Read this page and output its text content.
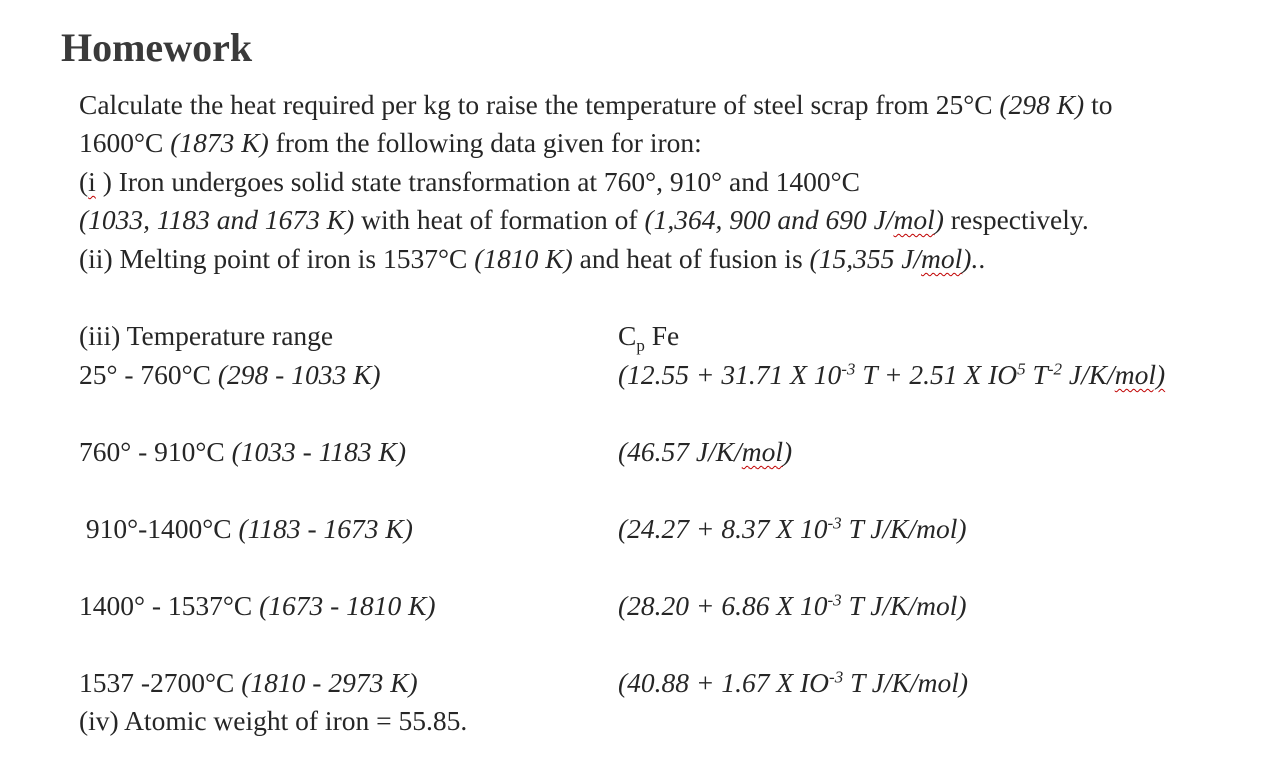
Homework
Calculate the heat required per kg to raise the temperature of steel scrap from 25°C (298 K) to
1600°C (1873 K) from the following data given for iron:
(i ) Iron undergoes solid state transformation at 760°, 910° and 1400°C
(1033, 1183 and 1673 K) with heat of formation of (1,364, 900 and 690 J/mol) respectively.
(ii) Melting point of iron is 1537°C (1810 K) and heat of fusion is (15,355 J/mol)..
(iii) Temperature range	$C_p$ Fe
25° - 760°C (298 - 1033 K)	(12.55 + 31.71 X $10^{-3}$ T + 2.51 X $IO^5$ $T^{-2}$ J/K/mol)
760° - 910°C (1033 - 1183 K)	(46.57 J/K/mol)
910°-1400°C (1183 - 1673 K)	(24.27 + 8.37 X $10^{-3}$ T J/K/mol)
1400° - 1537°C (1673 - 1810 K)	(28.20 + 6.86 X $10^{-3}$ T J/K/mol)
1537 -2700°C (1810 - 2973 K)	(40.88 + 1.67 X $IO^{-3}$ T J/K/mol)
(iv) Atomic weight of iron = 55.85.
